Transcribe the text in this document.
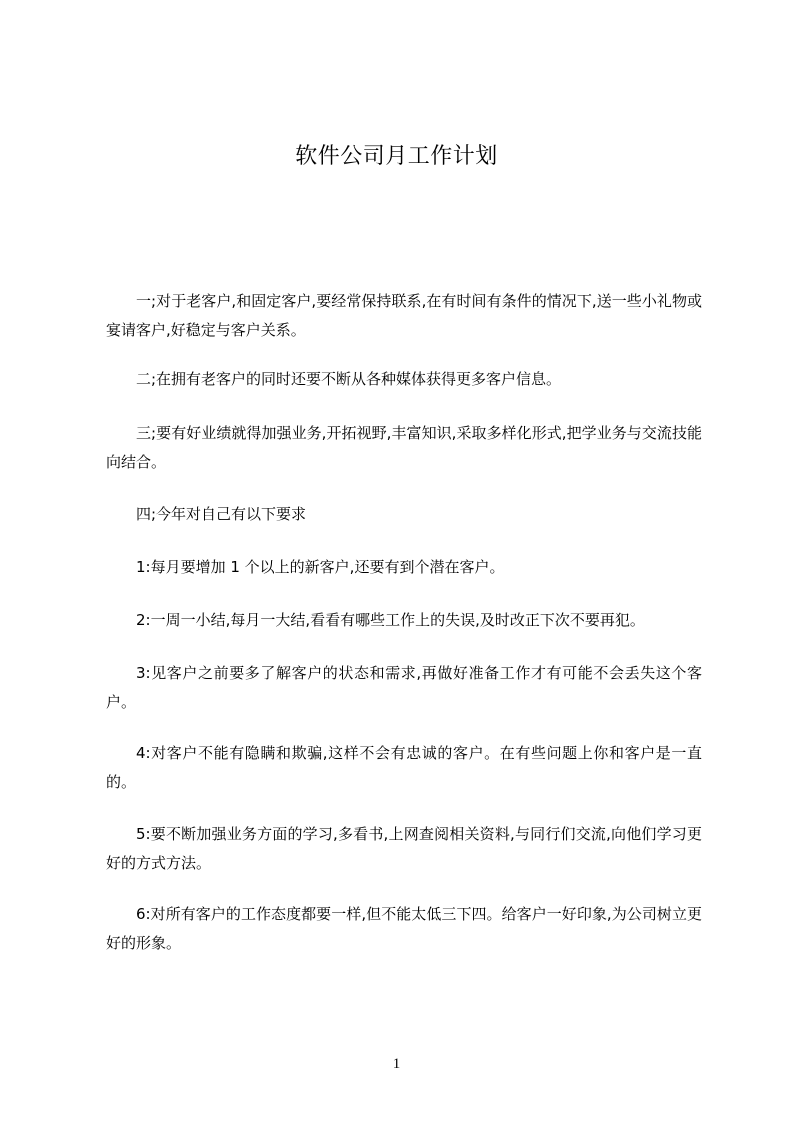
软件公司月工作计划

一;对于老客户,和固定客户,要经常保持联系,在有时间有条件的情况下,送一些小礼物或宴请客户,好稳定与客户关系。

二;在拥有老客户的同时还要不断从各种媒体获得更多客户信息。

三;要有好业绩就得加强业务,开拓视野,丰富知识,采取多样化形式,把学业务与交流技能向结合。

四;今年对自己有以下要求

1:每月要增加 1 个以上的新客户,还要有到个潜在客户。

2:一周一小结,每月一大结,看看有哪些工作上的失误,及时改正下次不要再犯。

3:见客户之前要多了解客户的状态和需求,再做好准备工作才有可能不会丢失这个客户。

4:对客户不能有隐瞒和欺骗,这样不会有忠诚的客户。在有些问题上你和客户是一直的。

5:要不断加强业务方面的学习,多看书,上网查阅相关资料,与同行们交流,向他们学习更好的方式方法。

6:对所有客户的工作态度都要一样,但不能太低三下四。给客户一好印象,为公司树立更好的形象。

1
